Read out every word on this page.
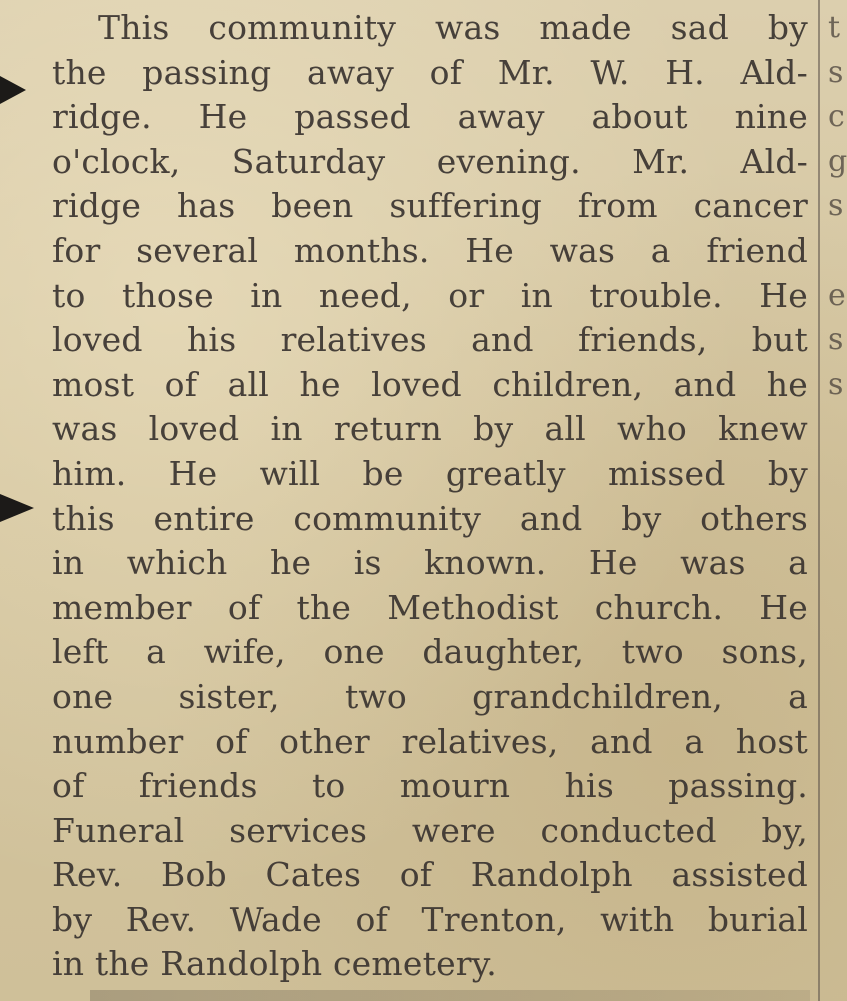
This community was made sad by
the passing away of Mr. W. H. Ald-
ridge. He passed away about nine
o'clock, Saturday evening. Mr. Ald-
ridge has been suffering from cancer
for several months. He was a friend
to those in need, or in trouble. He
loved his relatives and friends, but
most of all he loved children, and he
was loved in return by all who knew
him. He will be greatly missed by
this entire community and by others
in which he is known. He was a
member of the Methodist church. He
left a wife, one daughter, two sons,
one sister, two grandchildren, a
number of other relatives, and a host
of friends to mourn his passing.
Funeral services were conducted by,
Rev. Bob Cates of Randolph assisted
by Rev. Wade of Trenton, with burial
in the Randolph cemetery.
t
s
c
g
s
e
s
s
